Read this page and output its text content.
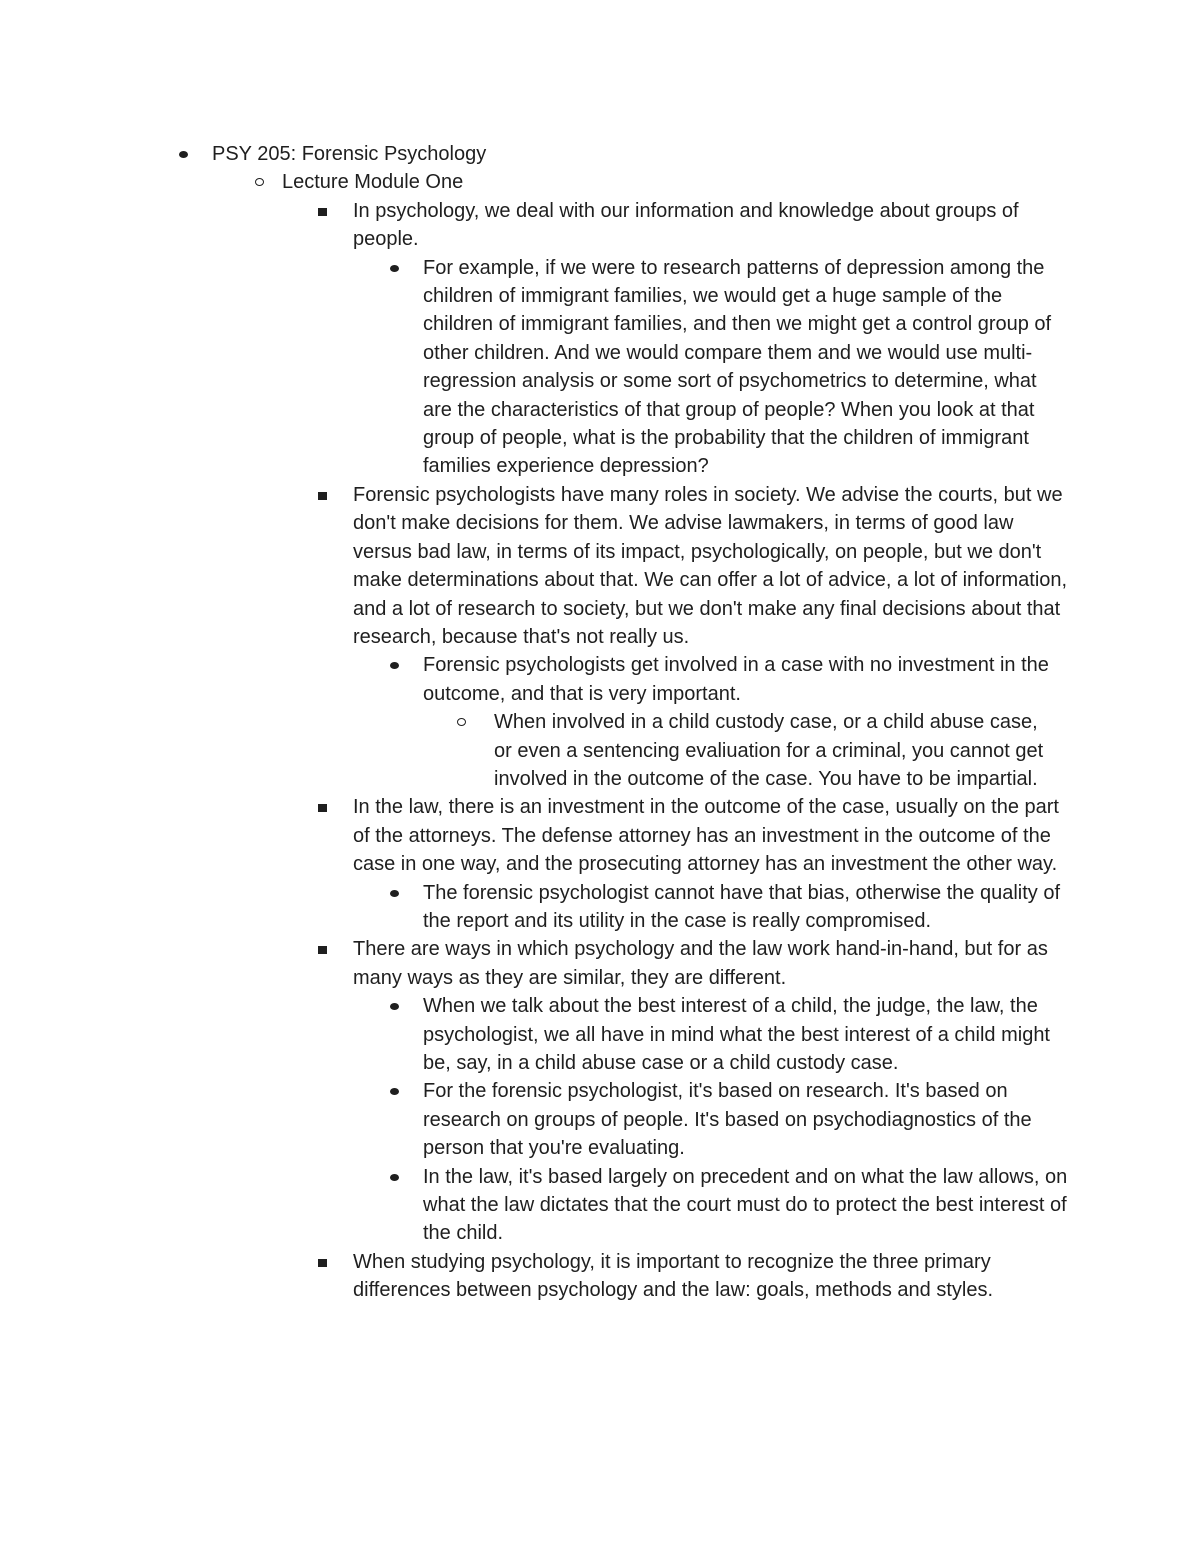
PSY 205: Forensic Psychology
Lecture Module One
In psychology, we deal with our information and knowledge about groups of people.
For example, if we were to research patterns of depression among the children of immigrant families, we would get a huge sample of the children of immigrant families, and then we might get a control group of other children. And we would compare them and we would use multi-regression analysis or some sort of psychometrics to determine, what are the characteristics of that group of people? When you look at that group of people, what is the probability that the children of immigrant families experience depression?
Forensic psychologists have many roles in society. We advise the courts, but we don't make decisions for them. We advise lawmakers, in terms of good law versus bad law, in terms of its impact, psychologically, on people, but we don't make determinations about that. We can offer a lot of advice, a lot of information, and a lot of research to society, but we don't make any final decisions about that research, because that's not really us.
Forensic psychologists get involved in a case with no investment in the outcome, and that is very important.
When involved in a child custody case, or a child abuse case, or even a sentencing evaliuation for a criminal, you cannot get involved in the outcome of the case. You have to be impartial.
In the law, there is an investment in the outcome of the case, usually on the part of the attorneys. The defense attorney has an investment in the outcome of the case in one way, and the prosecuting attorney has an investment the other way.
The forensic psychologist cannot have that bias, otherwise the quality of the report and its utility in the case is really compromised.
There are ways in which psychology and the law work hand-in-hand, but for as many ways as they are similar, they are different.
When we talk about the best interest of a child, the judge, the law, the psychologist, we all have in mind what the best interest of a child might be, say, in a child abuse case or a child custody case.
For the forensic psychologist, it's based on research. It's based on research on groups of people. It's based on psychodiagnostics of the person that you're evaluating.
In the law, it's based largely on precedent and on what the law allows, on what the law dictates that the court must do to protect the best interest of the child.
When studying psychology, it is important to recognize the three primary differences between psychology and the law: goals, methods and styles.
